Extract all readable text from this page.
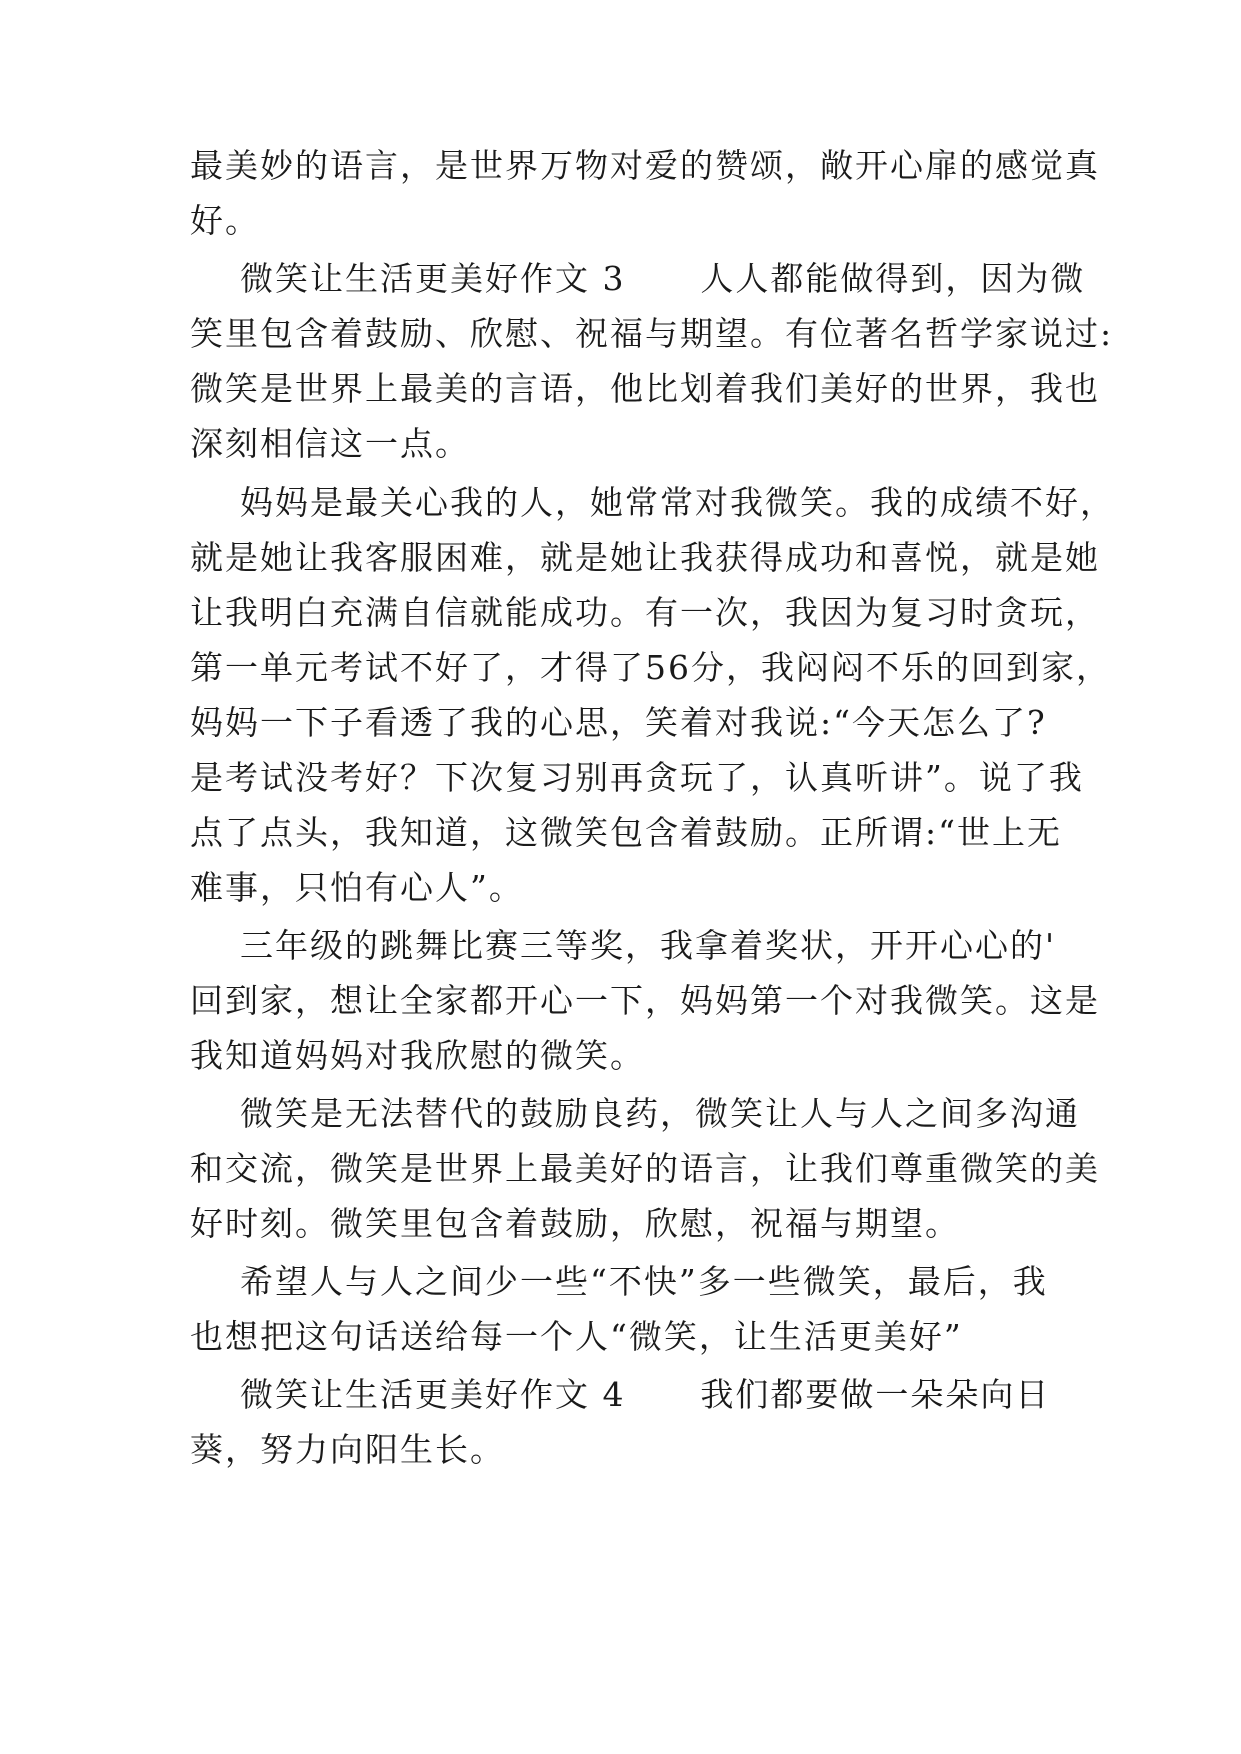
最美妙的语言，是世界万物对爱的赞颂，敞开心扉的感觉真
好。
微笑让生活更美好作文 3      人人都能做得到，因为微
笑里包含着鼓励、欣慰、祝福与期望。有位著名哲学家说过:
微笑是世界上最美的言语，他比划着我们美好的世界，我也
深刻相信这一点。
妈妈是最关心我的人，她常常对我微笑。我的成绩不好，
就是她让我客服困难，就是她让我获得成功和喜悦，就是她
让我明白充满自信就能成功。有一次，我因为复习时贪玩，
第一单元考试不好了，才得了56分，我闷闷不乐的回到家，
妈妈一下子看透了我的心思，笑着对我说:“今天怎么了?
是考试没考好？下次复习别再贪玩了，认真听讲”。说了我
点了点头，我知道，这微笑包含着鼓励。正所谓:“世上无
难事，只怕有心人”。
三年级的跳舞比赛三等奖，我拿着奖状，开开心心的'
回到家，想让全家都开心一下，妈妈第一个对我微笑。这是
我知道妈妈对我欣慰的微笑。
微笑是无法替代的鼓励良药，微笑让人与人之间多沟通
和交流，微笑是世界上最美好的语言，让我们尊重微笑的美
好时刻。微笑里包含着鼓励，欣慰，祝福与期望。
希望人与人之间少一些“不快”多一些微笑，最后，我
也想把这句话送给每一个人“微笑，让生活更美好”
微笑让生活更美好作文 4      我们都要做一朵朵向日
葵，努力向阳生长。
